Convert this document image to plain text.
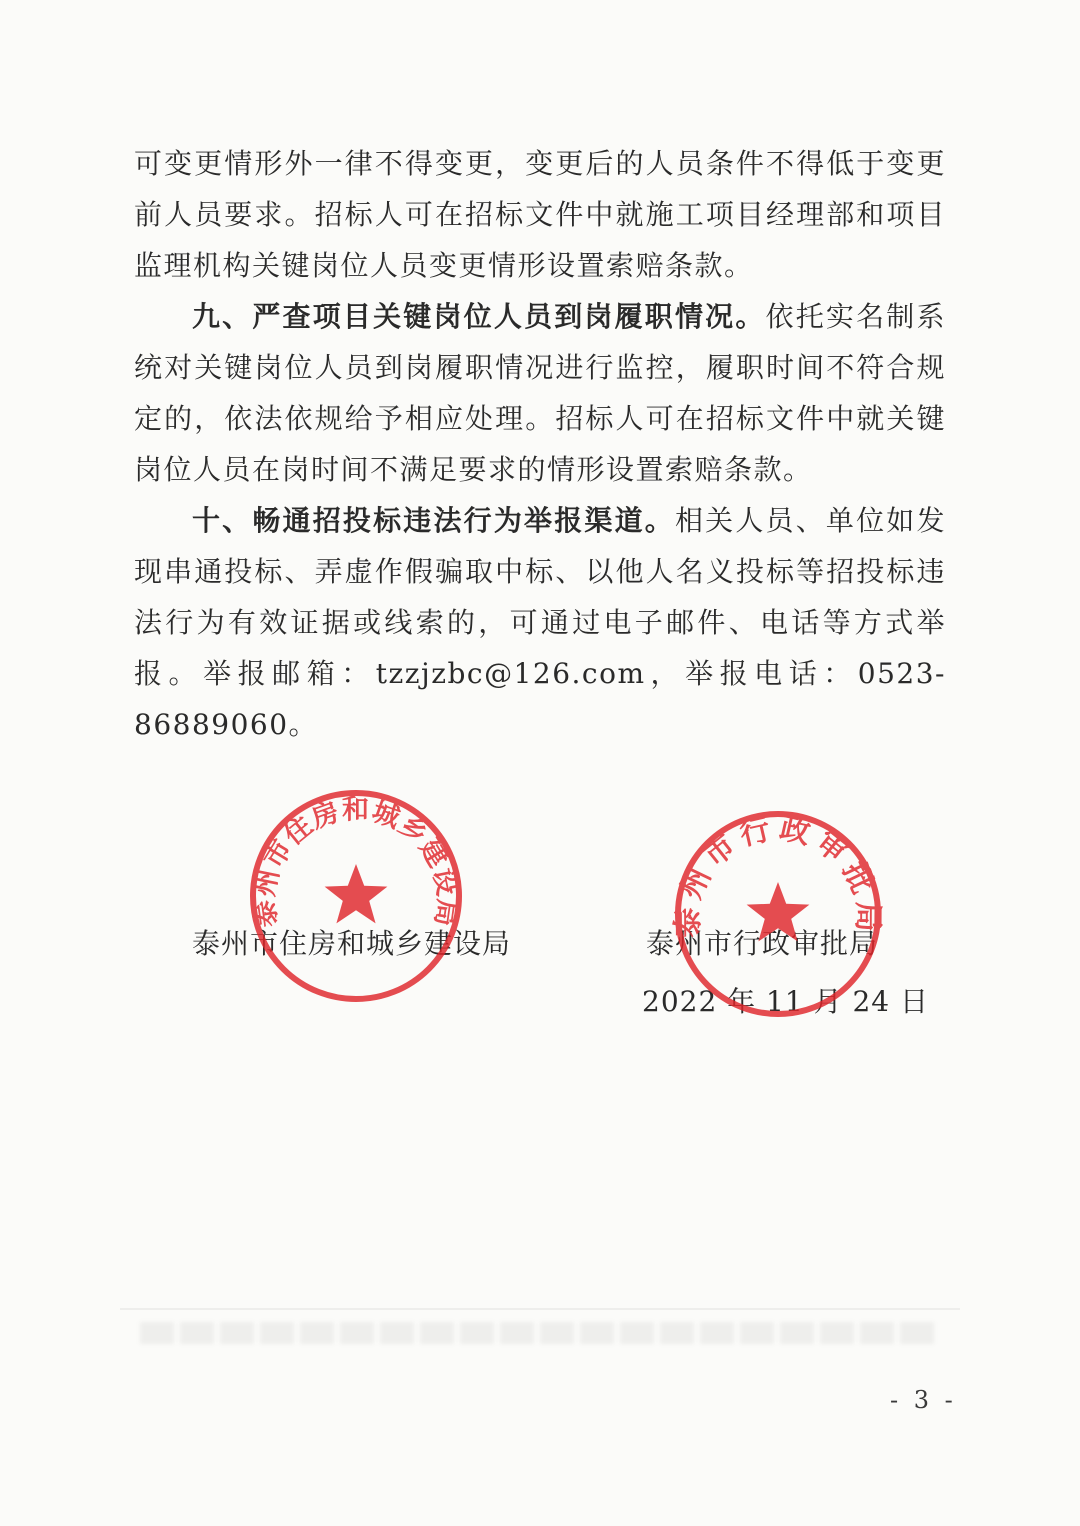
可变更情形外一律不得变更，变更后的人员条件不得低于变更前人员要求。招标人可在招标文件中就施工项目经理部和项目监理机构关键岗位人员变更情形设置索赔条款。

九、严查项目关键岗位人员到岗履职情况。依托实名制系统对关键岗位人员到岗履职情况进行监控，履职时间不符合规定的，依法依规给予相应处理。招标人可在招标文件中就关键岗位人员在岗时间不满足要求的情形设置索赔条款。

十、畅通招投标违法行为举报渠道。相关人员、单位如发现串通投标、弄虚作假骗取中标、以他人名义投标等招投标违法行为有效证据或线索的，可通过电子邮件、电话等方式举报。举报邮箱：tzzjzbc@126.com，举报电话：0523-86889060。

泰州市住房和城乡建设局	泰州市行政审批局
2022 年 11 月 24 日
泰州市住房和城乡建设局	泰州市行政审批局
- 3 -
